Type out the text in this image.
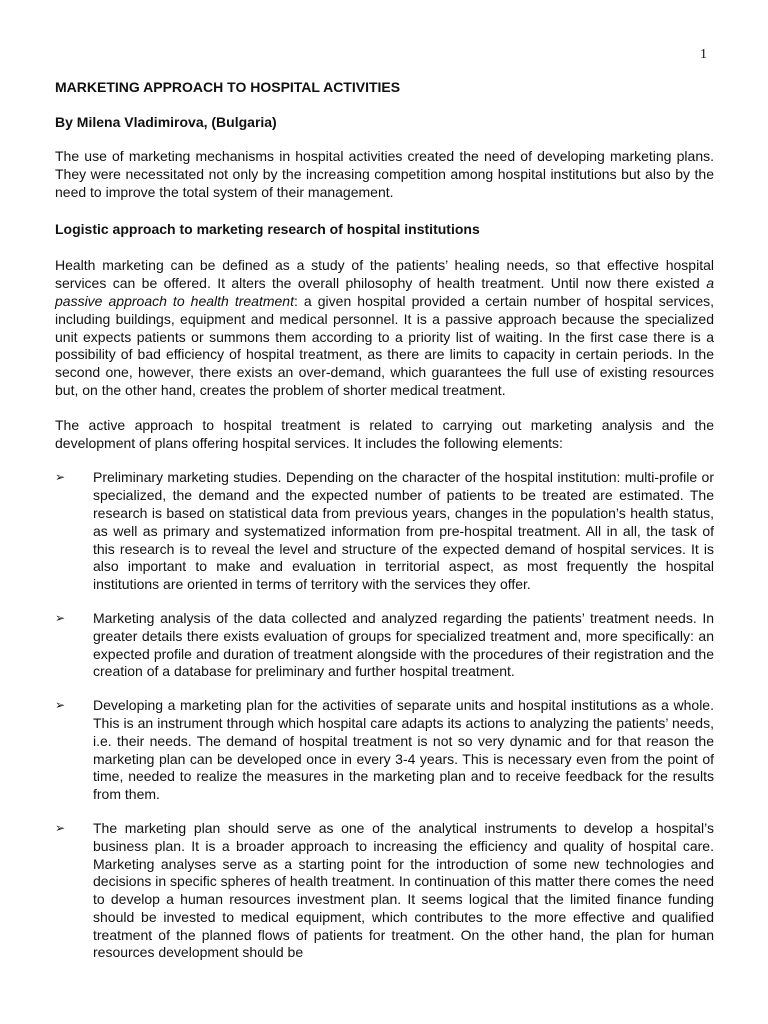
1
MARKETING APPROACH TO HOSPITAL ACTIVITIES

By Milena Vladimirova, (Bulgaria)

The use of marketing mechanisms in hospital activities created the need of developing marketing plans. They were necessitated not only by the increasing competition among hospital institutions but also by the need to improve the total system of their management.

Logistic approach to marketing research of hospital institutions

Health marketing can be defined as a study of the patients’ healing needs, so that effective hospital services can be offered. It alters the overall philosophy of health treatment. Until now there existed a passive approach to health treatment: a given hospital provided a certain number of hospital services, including buildings, equipment and medical personnel. It is a passive approach because the specialized unit expects patients or summons them according to a priority list of waiting. In the first case there is a possibility of bad efficiency of hospital treatment, as there are limits to capacity in certain periods. In the second one, however, there exists an over-demand, which guarantees the full use of existing resources but, on the other hand, creates the problem of shorter medical treatment.

The active approach to hospital treatment is related to carrying out marketing analysis and the development of plans offering hospital services. It includes the following elements:

➢ Preliminary marketing studies. Depending on the character of the hospital institution: multi-profile or specialized, the demand and the expected number of patients to be treated are estimated. The research is based on statistical data from previous years, changes in the population’s health status, as well as primary and systematized information from pre-hospital treatment. All in all, the task of this research is to reveal the level and structure of the expected demand of hospital services. It is also important to make and evaluation in territorial aspect, as most frequently the hospital institutions are oriented in terms of territory with the services they offer.
➢ Marketing analysis of the data collected and analyzed regarding the patients’ treatment needs. In greater details there exists evaluation of groups for specialized treatment and, more specifically: an expected profile and duration of treatment alongside with the procedures of their registration and the creation of a database for preliminary and further hospital treatment.
➢ Developing a marketing plan for the activities of separate units and hospital institutions as a whole. This is an instrument through which hospital care adapts its actions to analyzing the patients’ needs, i.e. their needs. The demand of hospital treatment is not so very dynamic and for that reason the marketing plan can be developed once in every 3-4 years. This is necessary even from the point of time, needed to realize the measures in the marketing plan and to receive feedback for the results from them.
➢ The marketing plan should serve as one of the analytical instruments to develop a hospital’s business plan. It is a broader approach to increasing the efficiency and quality of hospital care. Marketing analyses serve as a starting point for the introduction of some new technologies and decisions in specific spheres of health treatment. In continuation of this matter there comes the need to develop a human resources investment plan. It seems logical that the limited finance funding should be invested to medical equipment, which contributes to the more effective and qualified treatment of the planned flows of patients for treatment. On the other hand, the plan for human resources development should be
